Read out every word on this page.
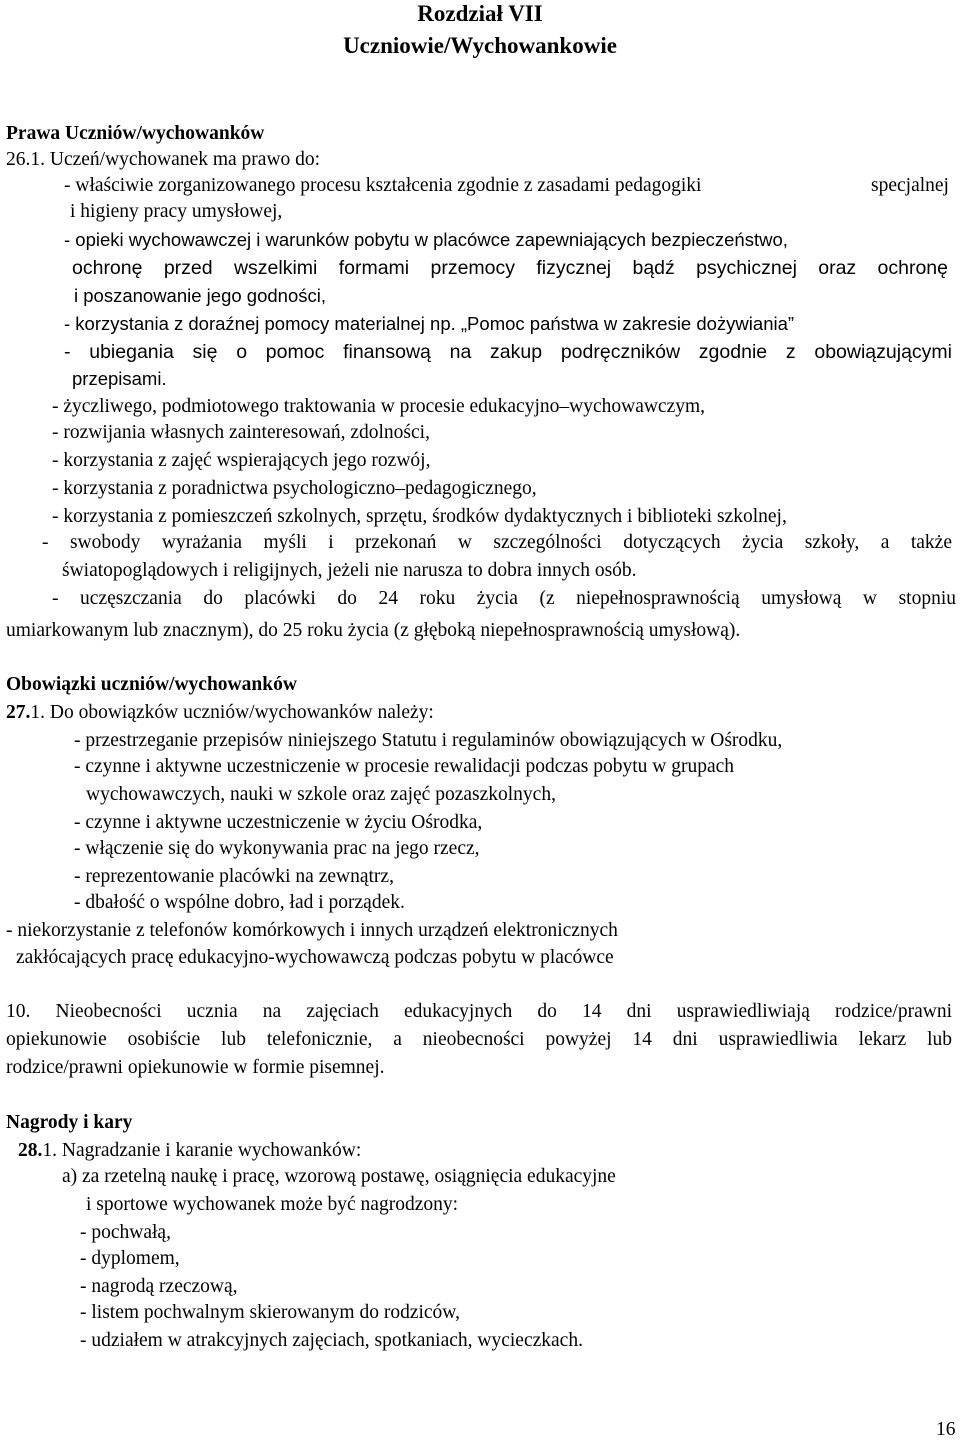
Rozdział VII
Uczniowie/Wychowankowie
Prawa Uczniów/wychowanków
26.1. Uczeń/wychowanek ma prawo do:
- właściwie zorganizowanego procesu kształcenia zgodnie z zasadami pedagogiki	specjalnej
i higieny pracy umysłowej,
- opieki wychowawczej i warunków pobytu w placówce zapewniających bezpieczeństwo,
ochronę przed wszelkimi formami przemocy fizycznej bądź psychicznej oraz ochronę
i poszanowanie jego godności,
- korzystania z doraźnej pomocy materialnej np. „Pomoc państwa w zakresie dożywiania”
- ubiegania się o pomoc finansową na zakup podręczników zgodnie z obowiązującymi
przepisami.
- życzliwego, podmiotowego traktowania w procesie edukacyjno–wychowawczym,
- rozwijania własnych zainteresowań, zdolności,
- korzystania z zajęć wspierających jego rozwój,
- korzystania z poradnictwa psychologiczno–pedagogicznego,
- korzystania z pomieszczeń szkolnych, sprzętu, środków dydaktycznych i biblioteki szkolnej,
- swobody wyrażania myśli i przekonań w szczególności dotyczących życia szkoły, a także
światopoglądowych i religijnych, jeżeli nie narusza to dobra innych osób.
- uczęszczania do placówki do 24 roku życia (z niepełnosprawnością umysłową w stopniu
umiarkowanym lub znacznym), do 25 roku życia (z głęboką niepełnosprawnością umysłową).
Obowiązki uczniów/wychowanków
27.1. Do obowiązków uczniów/wychowanków należy:
- przestrzeganie przepisów niniejszego Statutu i regulaminów obowiązujących w Ośrodku,
- czynne i aktywne uczestniczenie w procesie rewalidacji podczas pobytu w grupach
wychowawczych, nauki w szkole oraz zajęć pozaszkolnych,
- czynne i aktywne uczestniczenie w życiu Ośrodka,
- włączenie się do wykonywania prac na jego rzecz,
- reprezentowanie placówki na zewnątrz,
- dbałość o wspólne dobro, ład i porządek.
- niekorzystanie z telefonów komórkowych i innych urządzeń elektronicznych
zakłócających pracę edukacyjno-wychowawczą podczas pobytu w placówce
10. Nieobecności ucznia na zajęciach edukacyjnych do 14 dni usprawiedliwiają rodzice/prawni
opiekunowie osobiście lub telefonicznie, a nieobecności powyżej 14 dni usprawiedliwia lekarz lub
rodzice/prawni opiekunowie w formie pisemnej.
Nagrody i kary
28.1. Nagradzanie i karanie wychowanków:
a) za rzetelną naukę i pracę, wzorową postawę, osiągnięcia edukacyjne
i sportowe wychowanek może być nagrodzony:
- pochwałą,
- dyplomem,
- nagrodą rzeczową,
- listem pochwalnym skierowanym do rodziców,
- udziałem w atrakcyjnych zajęciach, spotkaniach, wycieczkach.
16
